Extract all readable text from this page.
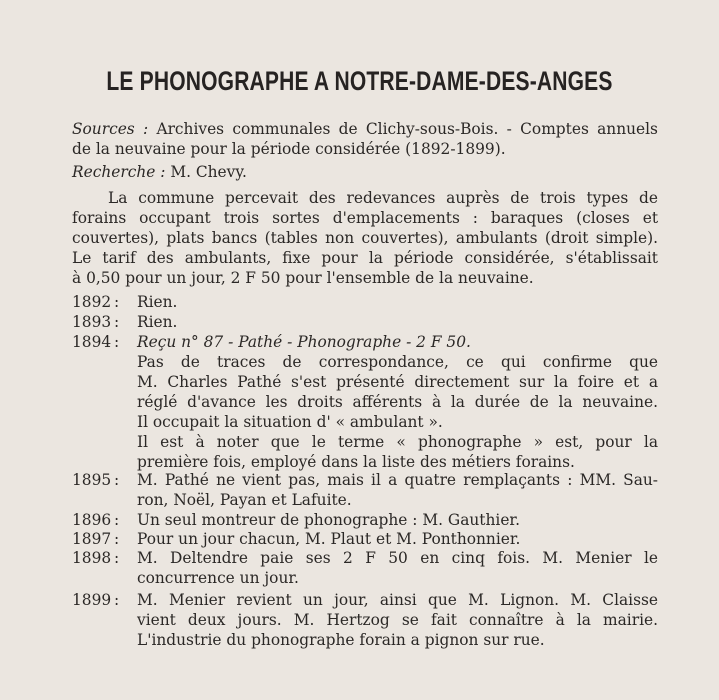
LE PHONOGRAPHE A NOTRE-DAME-DES-ANGES
Sources : Archives communales de Clichy-sous-Bois. - Comptes annuels
de la neuvaine pour la période considérée (1892-1899).
Recherche : M. Chevy.
La commune percevait des redevances auprès de trois types de
forains occupant trois sortes d'emplacements : baraques (closes et
couvertes), plats bancs (tables non couvertes), ambulants (droit simple).
Le tarif des ambulants, fixe pour la période considérée, s'établissait
à 0,50 pour un jour, 2 F 50 pour l'ensemble de la neuvaine.
1892 : Rien.
1893 : Rien.
1894 : Reçu n° 87 - Pathé - Phonographe - 2 F 50.
Pas de traces de correspondance, ce qui confirme que
M. Charles Pathé s'est présenté directement sur la foire et a
réglé d'avance les droits afférents à la durée de la neuvaine.
Il occupait la situation d' « ambulant ».
Il est à noter que le terme « phonographe » est, pour la
première fois, employé dans la liste des métiers forains.
1895 : M. Pathé ne vient pas, mais il a quatre remplaçants : MM. Sau-
ron, Noël, Payan et Lafuite.
1896 : Un seul montreur de phonographe : M. Gauthier.
1897 : Pour un jour chacun, M. Plaut et M. Ponthonnier.
1898 : M. Deltendre paie ses 2 F 50 en cinq fois. M. Menier le
concurrence un jour.
1899 : M. Menier revient un jour, ainsi que M. Lignon. M. Claisse
vient deux jours. M. Hertzog se fait connaître à la mairie.
L'industrie du phonographe forain a pignon sur rue.
